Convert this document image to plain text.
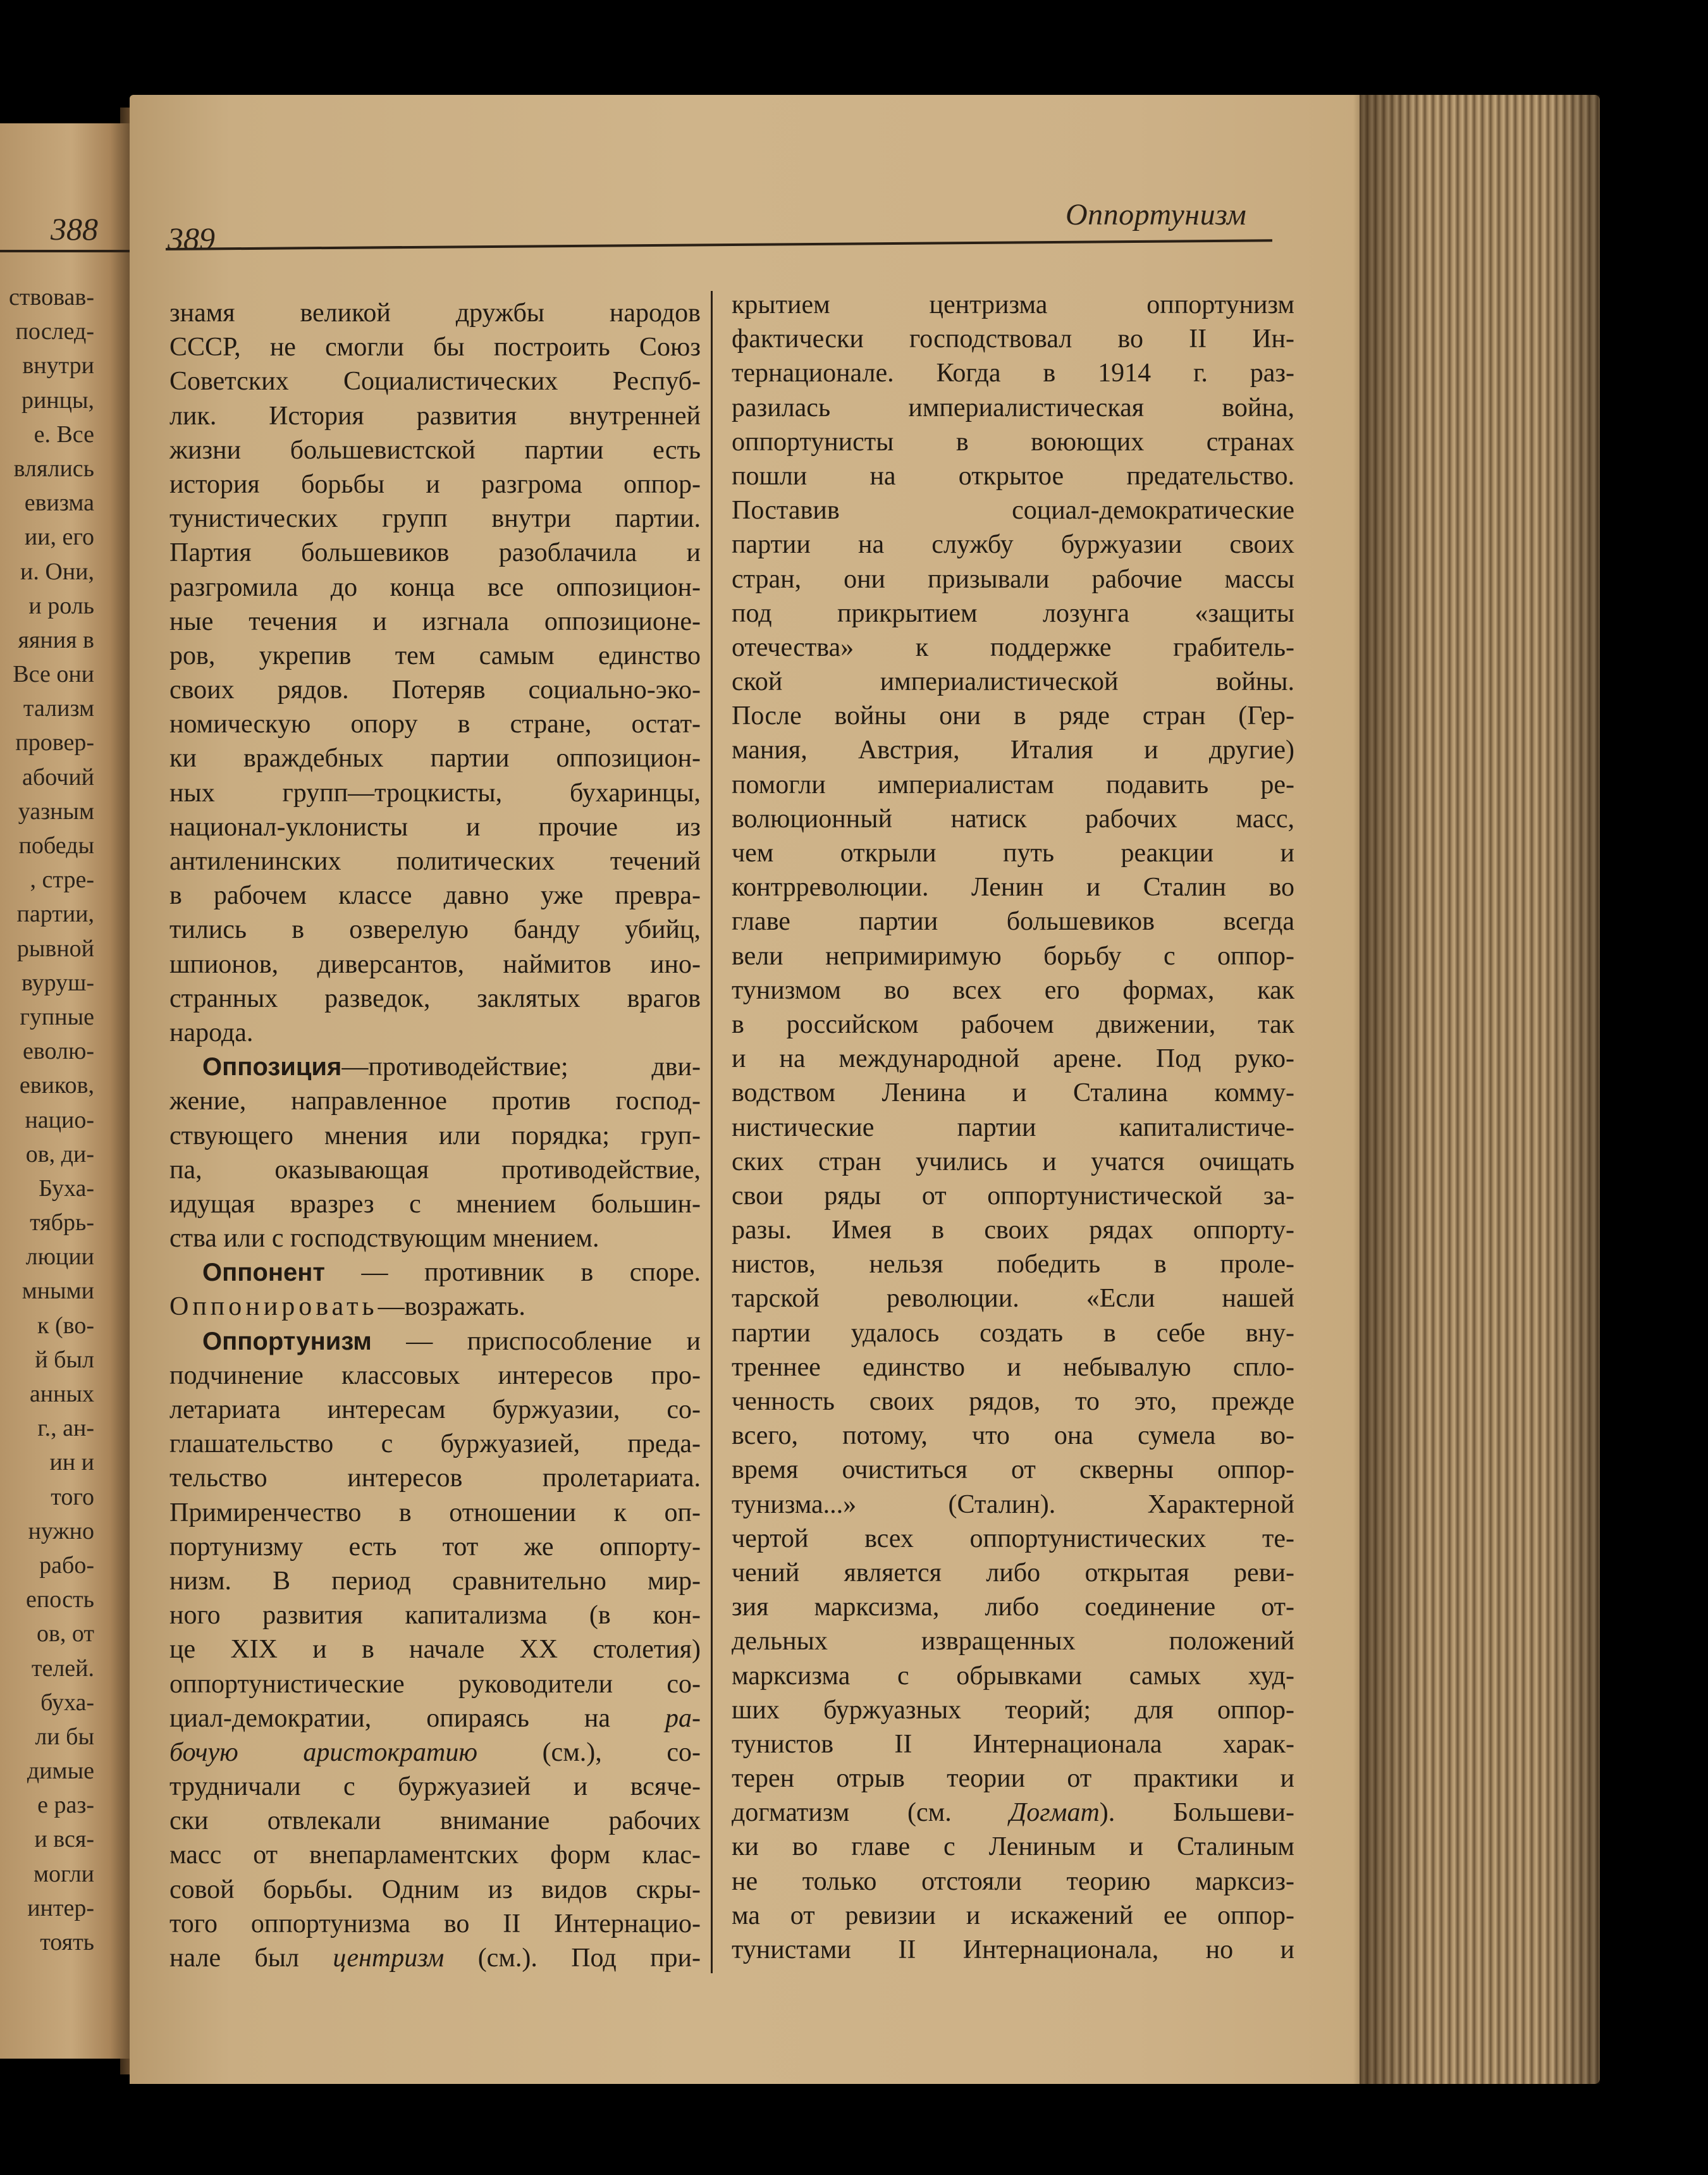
388
ствовав-
послед-
внутри
ринцы,
е. Все
влялись
евизма
ии, его
и. Они,
и роль
яяния в
Все они
тализм
провер-
абочий
уазным
победы
, стре-
партии,
рывной
вуруш-
гупные
еволю-
евиков,
нацио-
ов, ди-
Буха-
тябрь-
люции
мными
к (во-
й был
анных
г., ан-
ин и
того
нужно
рабо-
епость
ов, от
телей.
буха-
ли бы
димые
е раз-
и вся-
могли
интер-
тоять
389
Оппортунизм
знамя великой дружбы народов
СССР, не смогли бы построить Союз
Советских Социалистических Респуб-
лик. История развития внутренней
жизни большевистской партии есть
история борьбы и разгрома оппор-
тунистических групп внутри партии.
Партия большевиков разоблачила и
разгромила до конца все оппозицион-
ные течения и изгнала оппозиционе-
ров, укрепив тем самым единство
своих рядов. Потеряв социально-эко-
номическую опору в стране, остат-
ки враждебных партии оппозицион-
ных групп—троцкисты, бухаринцы,
национал-уклонисты и прочие из
антиленинских политических течений
в рабочем классе давно уже превра-
тились в озверелую банду убийц,
шпионов, диверсантов, наймитов ино-
странных разведок, заклятых врагов
народа.
Оппозиция—противодействие; дви-
жение, направленное против господ-
ствующего мнения или порядка; груп-
па, оказывающая противодействие,
идущая вразрез с мнением большин-
ства или с господствующим мнением.
Оппонент — противник в споре.
Оппонировать—возражать.
Оппортунизм — приспособление и
подчинение классовых интересов про-
летариата интересам буржуазии, со-
глашательство с буржуазией, преда-
тельство интересов пролетариата.
Примиренчество в отношении к оп-
портунизму есть тот же оппорту-
низм. В период сравнительно мир-
ного развития капитализма (в кон-
це XIX и в начале XX столетия)
оппортунистические руководители со-
циал-демократии, опираясь на ра-
бочую аристократию (см.), со-
трудничали с буржуазией и всяче-
ски отвлекали внимание рабочих
масс от внепарламентских форм клас-
совой борьбы. Одним из видов скры-
того оппортунизма во II Интернацио-
нале был центризм (см.). Под при-
крытием центризма оппортунизм
фактически господствовал во II Ин-
тернационале. Когда в 1914 г. раз-
разилась империалистическая война,
оппортунисты в воюющих странах
пошли на открытое предательство.
Поставив социал-демократические
партии на службу буржуазии своих
стран, они призывали рабочие массы
под прикрытием лозунга «защиты
отечества» к поддержке грабитель-
ской империалистической войны.
После войны они в ряде стран (Гер-
мания, Австрия, Италия и другие)
помогли империалистам подавить ре-
волюционный натиск рабочих масс,
чем открыли путь реакции и
контрреволюции. Ленин и Сталин во
главе партии большевиков всегда
вели непримиримую борьбу с оппор-
тунизмом во всех его формах, как
в российском рабочем движении, так
и на международной арене. Под руко-
водством Ленина и Сталина комму-
нистические партии капиталистиче-
ских стран учились и учатся очищать
свои ряды от оппортунистической за-
разы. Имея в своих рядах оппорту-
нистов, нельзя победить в проле-
тарской революции. «Если нашей
партии удалось создать в себе вну-
треннее единство и небывалую спло-
ченность своих рядов, то это, прежде
всего, потому, что она сумела во-
время очиститься от скверны оппор-
тунизма...» (Сталин). Характерной
чертой всех оппортунистических те-
чений является либо открытая реви-
зия марксизма, либо соединение от-
дельных извращенных положений
марксизма с обрывками самых худ-
ших буржуазных теорий; для оппор-
тунистов II Интернационала харак-
терен отрыв теории от практики и
догматизм (см. Догмат). Большеви-
ки во главе с Лениным и Сталиным
не только отстояли теорию марксиз-
ма от ревизии и искажений ее оппор-
тунистами II Интернационала, но и
